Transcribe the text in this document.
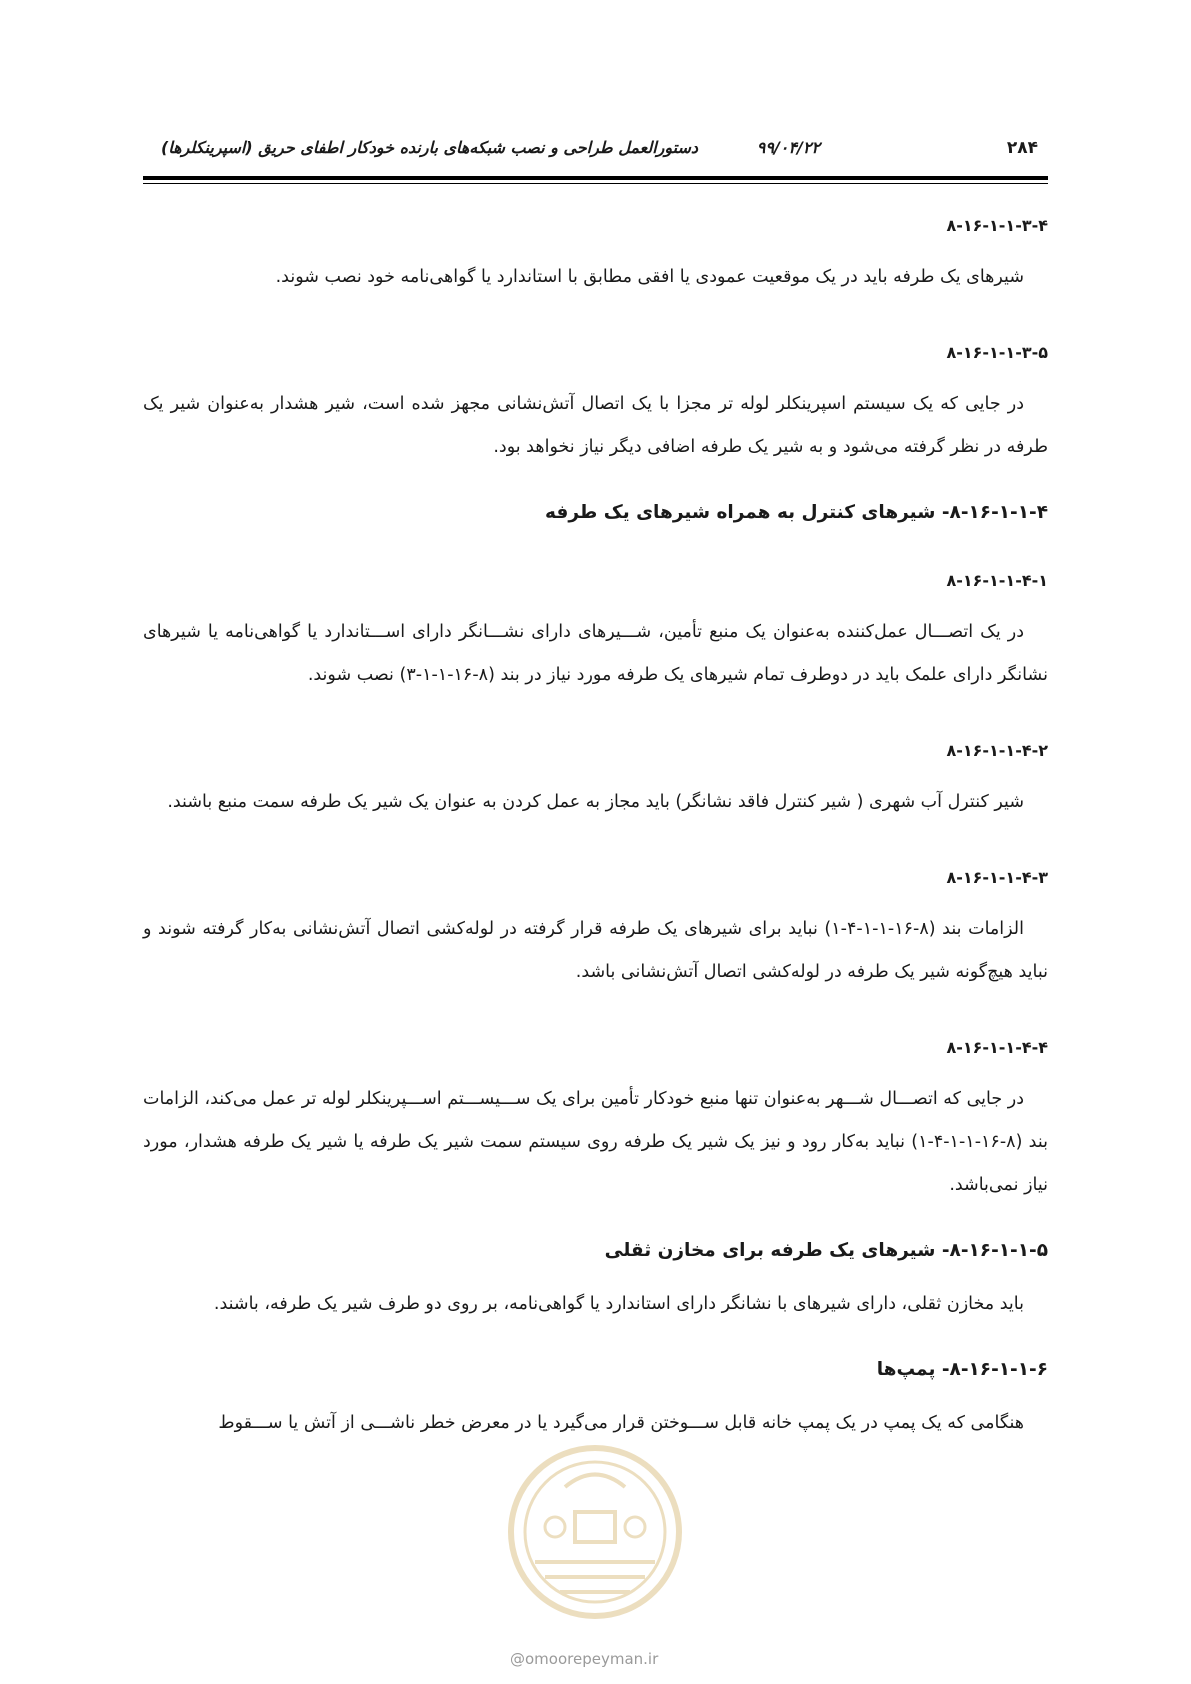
۲۸۴
۹۹/۰۴/۲۲
دستورالعمل طراحی و نصب شبکه‌های بارنده خودکار اطفای حریق (اسپرینکلرها)
۸-۱۶-۱-۱-۳-۴

شیرهای یک طرفه باید در یک موقعیت عمودی یا افقی مطابق با استاندارد یا گواهی‌نامه خود نصب شوند.

۸-۱۶-۱-۱-۳-۵

در جایی که یک سیستم اسپرینکلر لوله تر مجزا با یک اتصال آتش‌نشانی مجهز شده است، شیر هشدار به‌عنوان شیر یک طرفه در نظر گرفته می‌شود و به شیر یک طرفه اضافی دیگر نیاز نخواهد بود.

۸-۱۶-۱-۱-۴- شیرهای کنترل به همراه شیرهای یک طرفه
۸-۱۶-۱-۱-۴-۱

در یک اتصـــال عمل‌کننده به‌عنوان یک منبع تأمین، شـــیرهای دارای نشـــانگر دارای اســـتاندارد یا گواهی‌نامه یا شیرهای نشانگر دارای علمک باید در دوطرف تمام شیرهای یک طرفه مورد نیاز در بند (۸-۱۶-۱-۱-۳) نصب شوند.

۸-۱۶-۱-۱-۴-۲

شیر کنترل آب شهری ( شیر کنترل فاقد نشانگر) باید مجاز به عمل کردن به عنوان یک شیر یک طرفه سمت منبع باشند.

۸-۱۶-۱-۱-۴-۳

الزامات بند (۸-۱۶-۱-۱-۴-۱) نباید برای شیرهای یک طرفه قرار گرفته در لوله‌کشی اتصال آتش‌نشانی به‌کار گرفته شوند و نباید هیچ‌گونه شیر یک طرفه در لوله‌کشی اتصال آتش‌نشانی باشد.

۸-۱۶-۱-۱-۴-۴

در جایی که اتصـــال شـــهر به‌عنوان تنها منبع خودکار تأمین برای یک ســـیســـتم اســـپرینکلر لوله تر عمل می‌کند، الزامات بند (۸-۱۶-۱-۱-۴-۱) نباید به‌کار رود و نیز یک شیر یک طرفه روی سیستم سمت شیر یک طرفه یا شیر یک طرفه هشدار، مورد نیاز نمی‌باشد.

۸-۱۶-۱-۱-۵- شیرهای یک طرفه برای مخازن ثقلی

باید مخازن ثقلی، دارای شیرهای با نشانگر دارای استاندارد یا گواهی‌نامه، بر روی دو طرف شیر یک طرفه، باشند.

۸-۱۶-۱-۱-۶- پمپ‌ها

هنگامی که یک پمپ در یک پمپ خانه قابل ســـوختن قرار می‌گیرد یا در معرض خطر ناشـــی از آتش یا ســـقوط

@omoorepeyman.ir
